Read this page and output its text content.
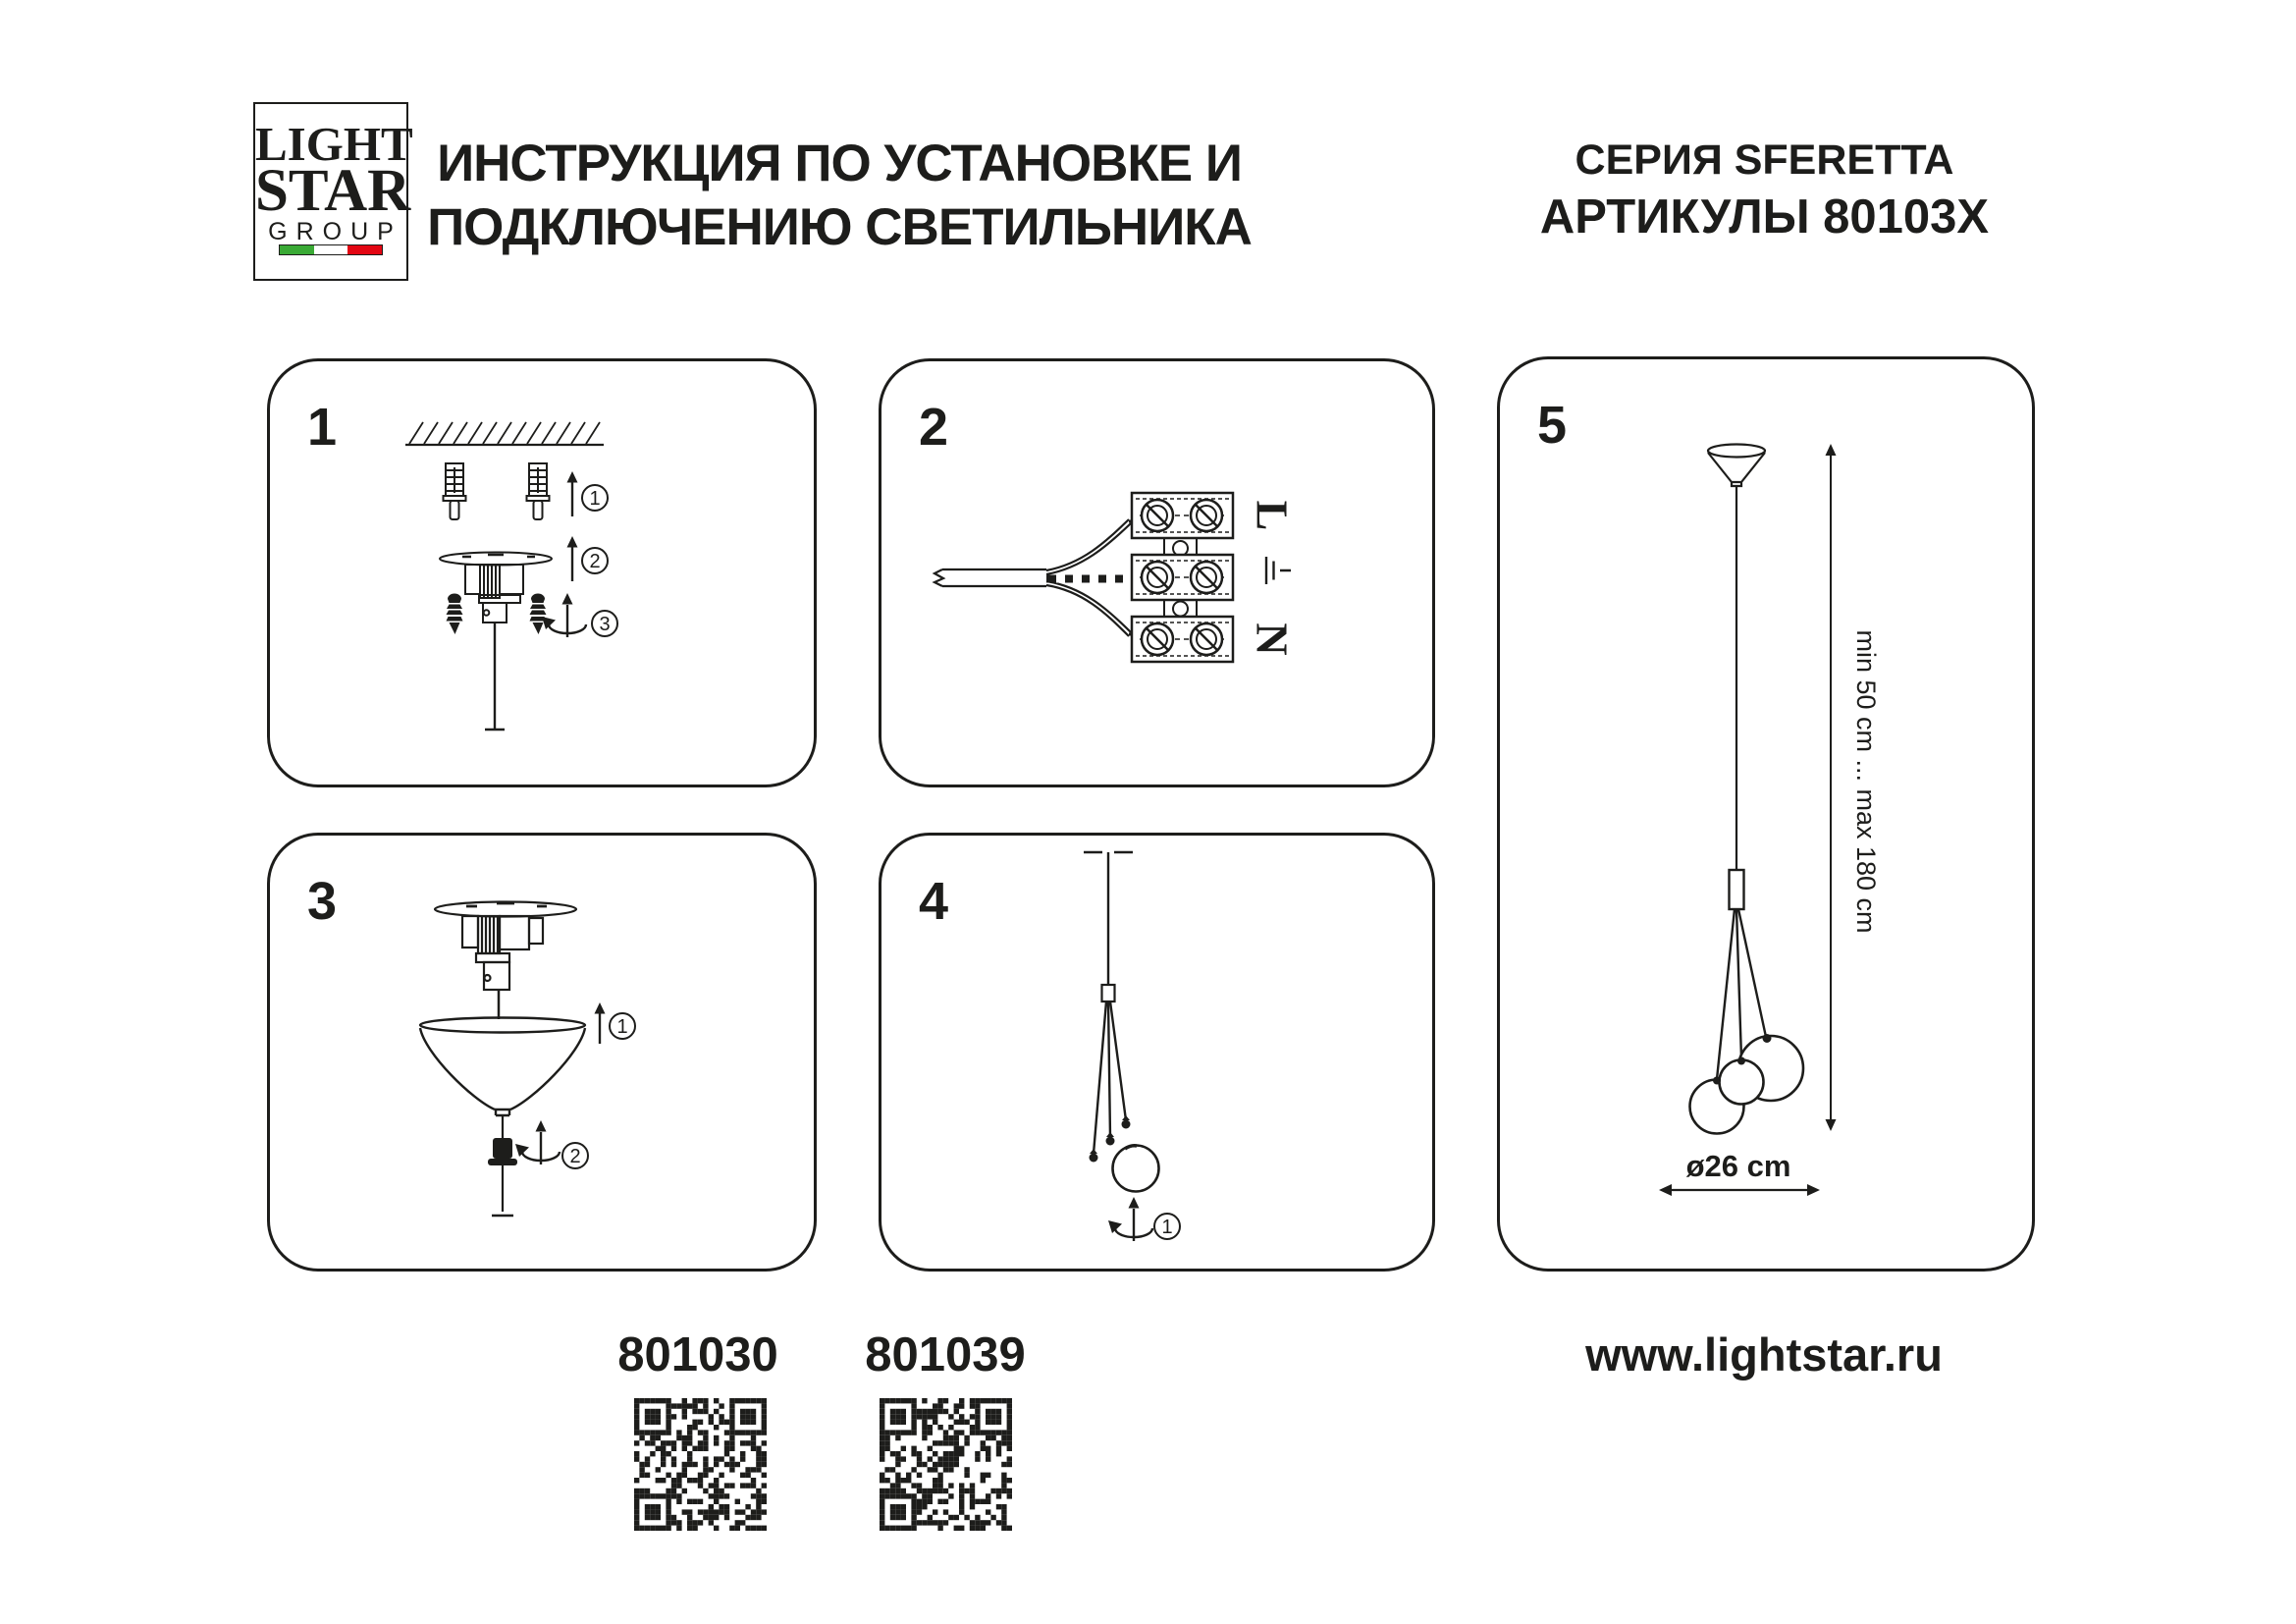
LIGHT
STAR
GROUP
ИНСТРУКЦИЯ ПО УСТАНОВКЕ И
ПОДКЛЮЧЕНИЮ СВЕТИЛЬНИКА
СЕРИЯ SFERETTA
АРТИКУЛЫ 80103Х
1
1
2
3
2
L
N
3
1
2
4
1
5
min 50 cm ... max 180 cm
ø26 cm
801030	801039	www.lightstar.ru
